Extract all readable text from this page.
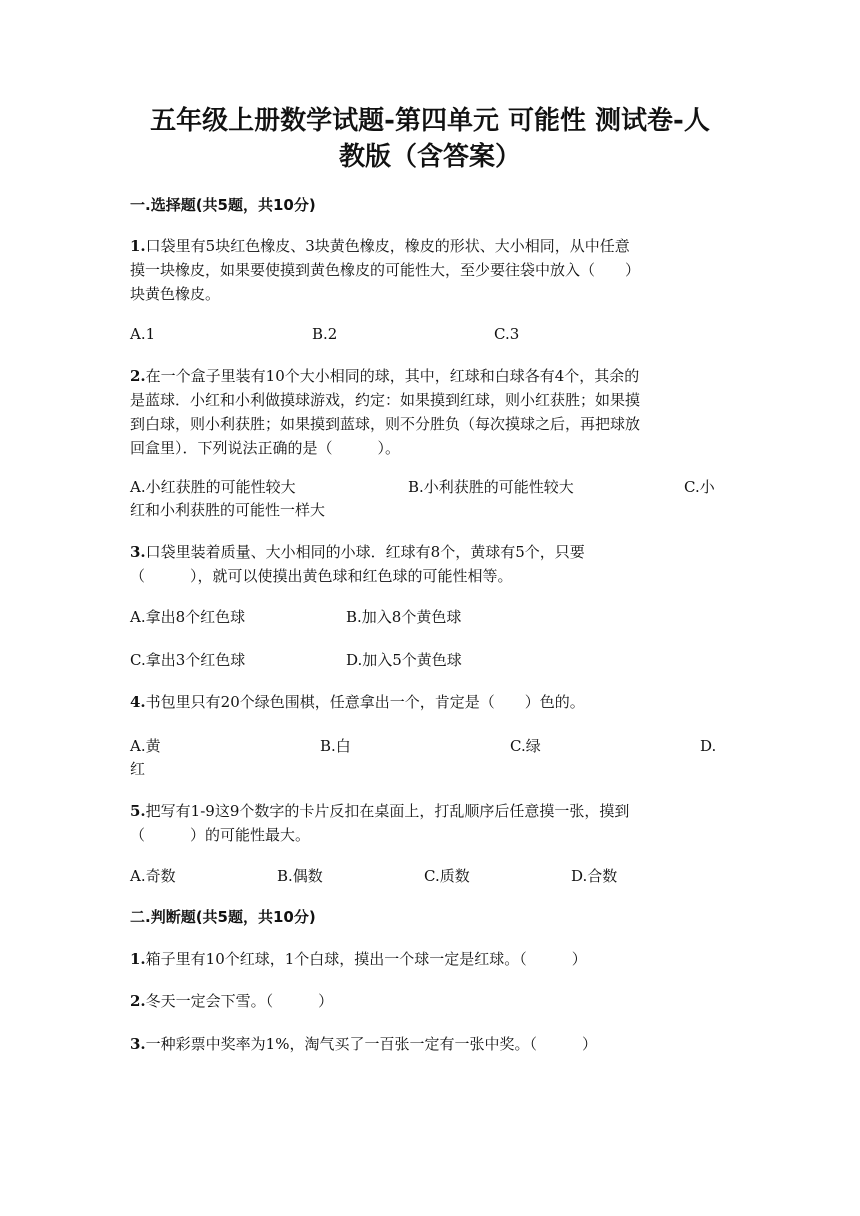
五年级上册数学试题-第四单元 可能性 测试卷-人
教版（含答案）
一.选择题(共5题，共10分)
1.口袋里有5块红色橡皮、3块黄色橡皮，橡皮的形状、大小相同，从中任意
摸一块橡皮，如果要使摸到黄色橡皮的可能性大，至少要往袋中放入（　　）
块黄色橡皮。
A.1	B.2	C.3
2.在一个盒子里装有10个大小相同的球，其中，红球和白球各有4个，其余的
是蓝球．小红和小利做摸球游戏，约定：如果摸到红球，则小红获胜；如果摸
到白球，则小利获胜；如果摸到蓝球，则不分胜负（每次摸球之后，再把球放
回盒里）．下列说法正确的是（　　　）。
A.小红获胜的可能性较大	B.小利获胜的可能性较大	C.小
红和小利获胜的可能性一样大
3.口袋里装着质量、大小相同的小球．红球有8个，黄球有5个，只要
（　　　），就可以使摸出黄色球和红色球的可能性相等。
A.拿出8个红色球	B.加入8个黄色球
C.拿出3个红色球	D.加入5个黄色球
4.书包里只有20个绿色围棋，任意拿出一个，肯定是（　　）色的。
A.黄	B.白	C.绿	D.
红
5.把写有1-9这9个数字的卡片反扣在桌面上，打乱顺序后任意摸一张，摸到
（　　　）的可能性最大。
A.奇数	B.偶数	C.质数	D.合数
二.判断题(共5题，共10分)
1.箱子里有10个红球，1个白球，摸出一个球一定是红球。（　　　）
2.冬天一定会下雪。（　　　）
3.一种彩票中奖率为1%，淘气买了一百张一定有一张中奖。（　　　）
